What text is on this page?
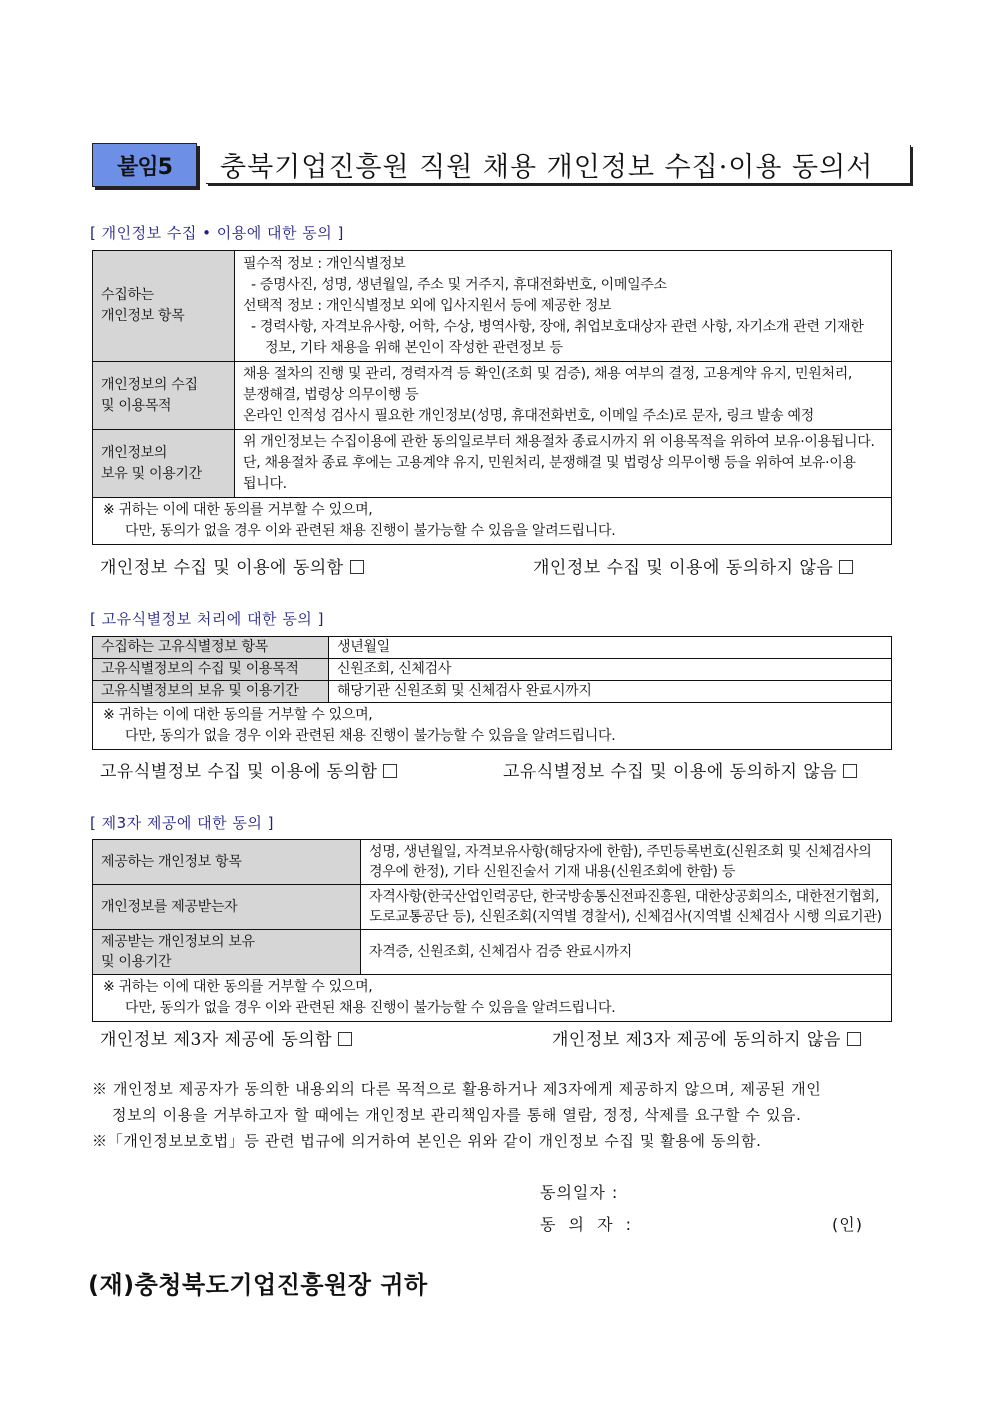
붙임5	충북기업진흥원 직원 채용 개인정보 수집·이용 동의서
[ 개인정보 수집 • 이용에 대한 동의 ]
수집하는
개인정보 항목	필수적 정보 : 개인식별정보
- 증명사진, 성명, 생년월일, 주소 및 거주지, 휴대전화번호, 이메일주소
선택적 정보 : 개인식별정보 외에 입사지원서 등에 제공한 정보
- 경력사항, 자격보유사항, 어학, 수상, 병역사항, 장애, 취업보호대상자 관련 사항, 자기소개 관련 기재한
정보, 기타 채용을 위해 본인이 작성한 관련정보 등

개인정보의 수집
및 이용목적	채용 절차의 진행 및 관리, 경력자격 등 확인(조회 및 검증), 채용 여부의 결정, 고용계약 유지, 민원처리,
분쟁해결, 법령상 의무이행 등
온라인 인적성 검사시 필요한 개인정보(성명, 휴대전화번호, 이메일 주소)로 문자, 링크 발송 예정

개인정보의
보유 및 이용기간	위 개인정보는 수집이용에 관한 동의일로부터 채용절차 종료시까지 위 이용목적을 위하여 보유·이용됩니다.
단, 채용절차 종료 후에는 고용계약 유지, 민원처리, 분쟁해결 및 법령상 의무이행 등을 위하여 보유·이용
됩니다.

※ 귀하는 이에 대한 동의를 거부할 수 있으며,
다만, 동의가 없을 경우 이와 관련된 채용 진행이 불가능할 수 있음을 알려드립니다.	
개인정보 수집 및 이용에 동의함	개인정보 수집 및 이용에 동의하지 않음
[ 고유식별정보 처리에 대한 동의 ]
수집하는 고유식별정보 항목	생년월일
고유식별정보의 수집 및 이용목적	신원조회, 신체검사
고유식별정보의 보유 및 이용기간	해당기관 신원조회 및 신체검사 완료시까지

※ 귀하는 이에 대한 동의를 거부할 수 있으며,
다만, 동의가 없을 경우 이와 관련된 채용 진행이 불가능할 수 있음을 알려드립니다.	
고유식별정보 수집 및 이용에 동의함	고유식별정보 수집 및 이용에 동의하지 않음
[ 제3자 제공에 대한 동의 ]
제공하는 개인정보 항목	성명, 생년월일, 자격보유사항(해당자에 한함), 주민등록번호(신원조회 및 신체검사의
경우에 한정), 기타 신원진술서 기재 내용(신원조회에 한함) 등

개인정보를 제공받는자	자격사항(한국산업인력공단, 한국방송통신전파진흥원, 대한상공회의소, 대한전기협회,
도로교통공단 등), 신원조회(지역별 경찰서), 신체검사(지역별 신체검사 시행 의료기관)

제공받는 개인정보의 보유
및 이용기간	자격증, 신원조회, 신체검사 검증 완료시까지

※ 귀하는 이에 대한 동의를 거부할 수 있으며,
다만, 동의가 없을 경우 이와 관련된 채용 진행이 불가능할 수 있음을 알려드립니다.	
개인정보 제3자 제공에 동의함	개인정보 제3자 제공에 동의하지 않음
※ 개인정보 제공자가 동의한 내용외의 다른 목적으로 활용하거나 제3자에게 제공하지 않으며, 제공된 개인
정보의 이용을 거부하고자 할 때에는 개인정보 관리책임자를 통해 열람, 정정, 삭제를 요구할 수 있음.
※「개인정보보호법」등 관련 법규에 의거하여 본인은 위와 같이 개인정보 수집 및 활용에 동의함.
동의일자 :
동 의 자 :	(인)
(재)충청북도기업진흥원장 귀하
